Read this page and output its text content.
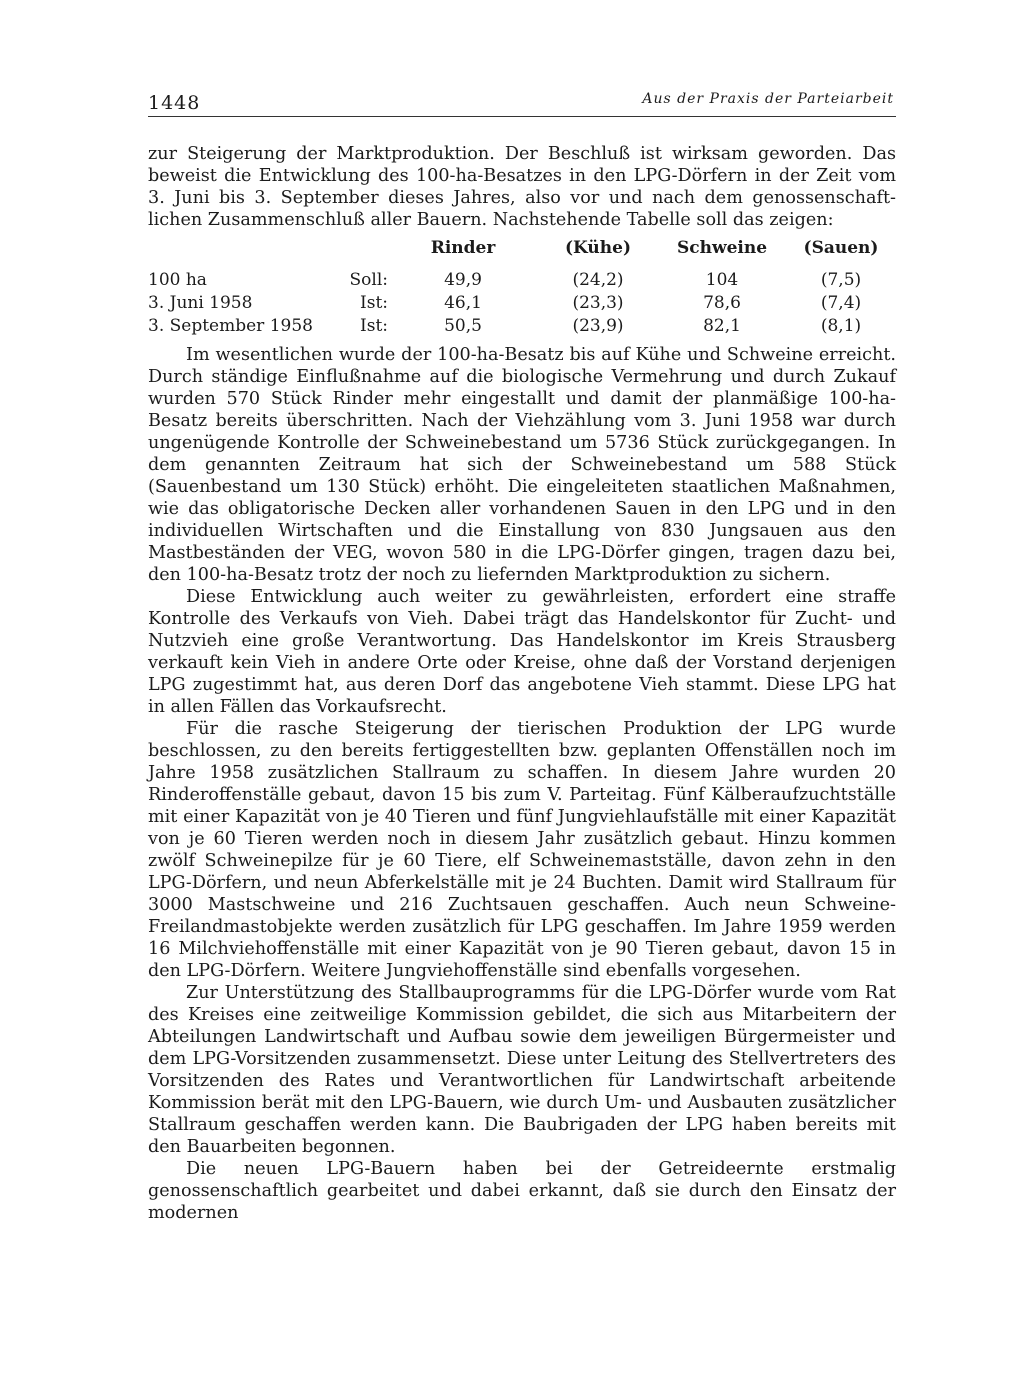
1448	Aus der Praxis der Parteiarbeit

zur Steigerung der Marktproduktion. Der Beschluß ist wirksam geworden. Das beweist die Entwicklung des 100-ha-Besatzes in den LPG-Dörfern in der Zeit vom 3. Juni bis 3. September dieses Jahres, also vor und nach dem genossenschaft- lichen Zusammenschluß aller Bauern. Nachstehende Tabelle soll das zeigen:

		Rinder	(Kühe)	Schweine	(Sauen)
100 ha	Soll:	49,9	(24,2)	104	(7,5)
3. Juni 1958	Ist:	46,1	(23,3)	78,6	(7,4)
3. September 1958	Ist:	50,5	(23,9)	82,1	(8,1)

Im wesentlichen wurde der 100-ha-Besatz bis auf Kühe und Schweine erreicht. Durch ständige Einflußnahme auf die biologische Vermehrung und durch Zukauf wurden 570 Stück Rinder mehr eingestallt und damit der planmäßige 100-ha-Besatz bereits überschritten. Nach der Viehzählung vom 3. Juni 1958 war durch ungenügende Kontrolle der Schweinebestand um 5736 Stück zurückgegangen. In dem genannten Zeitraum hat sich der Schweinebestand um 588 Stück (Sauenbestand um 130 Stück) erhöht. Die eingeleiteten staatlichen Maßnahmen, wie das obligatorische Decken aller vorhandenen Sauen in den LPG und in den individuellen Wirtschaften und die Einstallung von 830 Jungsauen aus den Mastbeständen der VEG, wovon 580 in die LPG-Dörfer gingen, tragen dazu bei, den 100-ha-Besatz trotz der noch zu liefernden Marktproduktion zu sichern.

Diese Entwicklung auch weiter zu gewährleisten, erfordert eine straffe Kontrolle des Verkaufs von Vieh. Dabei trägt das Handelskontor für Zucht- und Nutzvieh eine große Verantwortung. Das Handelskontor im Kreis Strausberg verkauft kein Vieh in andere Orte oder Kreise, ohne daß der Vorstand derjenigen LPG zugestimmt hat, aus deren Dorf das angebotene Vieh stammt. Diese LPG hat in allen Fällen das Vorkaufsrecht.

Für die rasche Steigerung der tierischen Produktion der LPG wurde beschlossen, zu den bereits fertiggestellten bzw. geplanten Offenställen noch im Jahre 1958 zusätzlichen Stallraum zu schaffen. In diesem Jahre wurden 20 Rinderoffenställe gebaut, davon 15 bis zum V. Parteitag. Fünf Kälberaufzuchtställe mit einer Kapazität von je 40 Tieren und fünf Jungviehlaufställe mit einer Kapazität von je 60 Tieren werden noch in diesem Jahr zusätzlich gebaut. Hinzu kommen zwölf Schweinepilze für je 60 Tiere, elf Schweinemastställe, davon zehn in den LPG-Dörfern, und neun Abferkelställe mit je 24 Buchten. Damit wird Stallraum für 3000 Mastschweine und 216 Zuchtsauen geschaffen. Auch neun Schweine-Freilandmastobjekte werden zusätzlich für LPG geschaffen. Im Jahre 1959 werden 16 Milchviehoffenställe mit einer Kapazität von je 90 Tieren gebaut, davon 15 in den LPG-Dörfern. Weitere Jungviehoffenställe sind ebenfalls vorgesehen.

Zur Unterstützung des Stallbauprogramms für die LPG-Dörfer wurde vom Rat des Kreises eine zeitweilige Kommission gebildet, die sich aus Mitarbeitern der Abteilungen Landwirtschaft und Aufbau sowie dem jeweiligen Bürgermeister und dem LPG-Vorsitzenden zusammensetzt. Diese unter Leitung des Stellvertreters des Vorsitzenden des Rates und Verantwortlichen für Landwirtschaft arbeitende Kommission berät mit den LPG-Bauern, wie durch Um- und Ausbauten zusätzlicher Stallraum geschaffen werden kann. Die Baubrigaden der LPG haben bereits mit den Bauarbeiten begonnen.

Die neuen LPG-Bauern haben bei der Getreideernte erstmalig genossenschaftlich gearbeitet und dabei erkannt, daß sie durch den Einsatz der modernen
